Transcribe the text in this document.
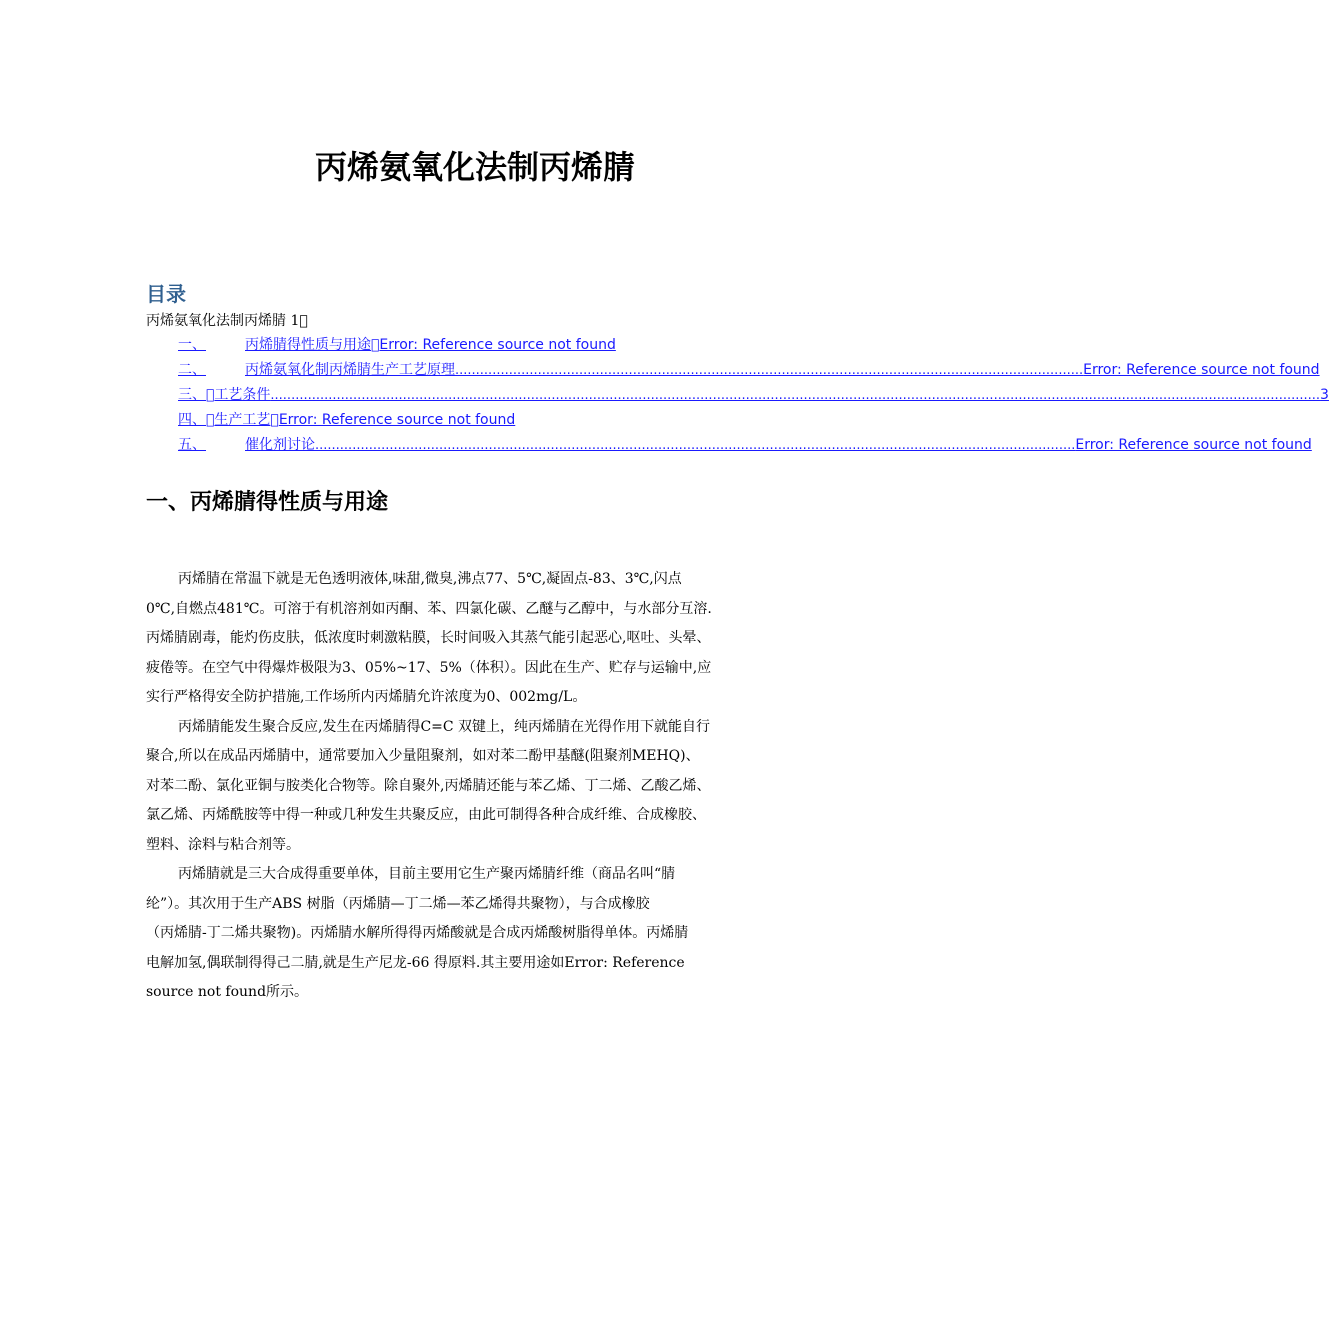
丙烯氨氧化法制丙烯腈
目录
丙烯氨氧化法制丙烯腈 1 
一、	丙烯腈得性质与用途   Error: Reference source not found
二、	丙烯氨氧化制丙烯腈生产工艺原理 ........................................................................................................................................................ Error: Reference source not found
三、   工艺条件 .............................................................................................................................................................................................................................................................. 3
四、   生产工艺   Error: Reference source not found
五、	催化剂讨论 ........................................................................................................................................................................................ Error: Reference source not found
一、丙烯腈得性质与用途

丙烯腈在常温下就是无色透明液体,味甜,微臭,沸点77、5℃,凝固点-83、3℃,闪点
0℃,自燃点481℃。可溶于有机溶剂如丙酮、苯、四氯化碳、乙醚与乙醇中，与水部分互溶.
丙烯腈剧毒，能灼伤皮肤，低浓度时刺激粘膜，长时间吸入其蒸气能引起恶心,呕吐、头晕、
疲倦等。在空气中得爆炸极限为3、05%~17、5%（体积）。因此在生产、贮存与运输中,应
实行严格得安全防护措施,工作场所内丙烯腈允许浓度为0、002mg/L。

丙烯腈能发生聚合反应,发生在丙烯腈得C=C 双键上，纯丙烯腈在光得作用下就能自行
聚合,所以在成品丙烯腈中，通常要加入少量阻聚剂，如对苯二酚甲基醚(阻聚剂MEHQ)、
对苯二酚、氯化亚铜与胺类化合物等。除自聚外,丙烯腈还能与苯乙烯、丁二烯、乙酸乙烯、
氯乙烯、丙烯酰胺等中得一种或几种发生共聚反应，由此可制得各种合成纤维、合成橡胶、
塑料、涂料与粘合剂等。

丙烯腈就是三大合成得重要单体，目前主要用它生产聚丙烯腈纤维（商品名叫“腈
纶”）。其次用于生产ABS 树脂（丙烯腈—丁二烯—苯乙烯得共聚物），与合成橡胶
（丙烯腈-丁二烯共聚物)。丙烯腈水解所得得丙烯酸就是合成丙烯酸树脂得单体。丙烯腈
电解加氢,偶联制得得己二腈,就是生产尼龙-66 得原料.其主要用途如Error: Reference
source not found所示。
